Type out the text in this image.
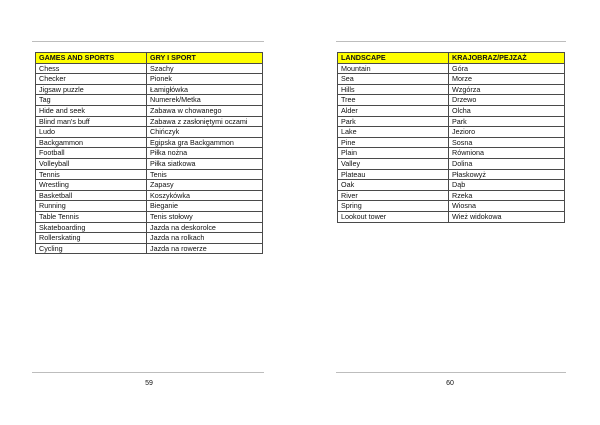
GAMES AND SPORTS	GRY I SPORT
Chess	Szachy
Checker	Pionek
Jigsaw puzzle	Łamigłówka
Tag	Numerek/Metka
Hide and seek	Zabawa w chowanego
Blind man's buff	Zabawa z zasłoniętymi oczami
Ludo	Chińczyk
Backgammon	Egipska gra Backgammon
Football	Piłka nożna
Volleyball	Piłka siatkowa
Tennis	Tenis
Wrestling	Zapasy
Basketball	Koszykówka
Running	Bieganie
Table Tennis	Tenis stołowy
Skateboarding	Jazda na deskorolce
Rollerskating	Jazda na rolkach
Cycling	Jazda na rowerze
59
LANDSCAPE	KRAJOBRAZ/PEJZAŻ
Mountain	Góra
Sea	Morze
Hills	Wzgórza
Tree	Drzewo
Alder	Olcha
Park	Park
Lake	Jezioro
Pine	Sosna
Plain	Równiona
Valley	Dolina
Plateau	Płaskowyż
Oak	Dąb
River	Rzeka
Spring	Wiosna
Lookout tower	Wież widokowa
60
